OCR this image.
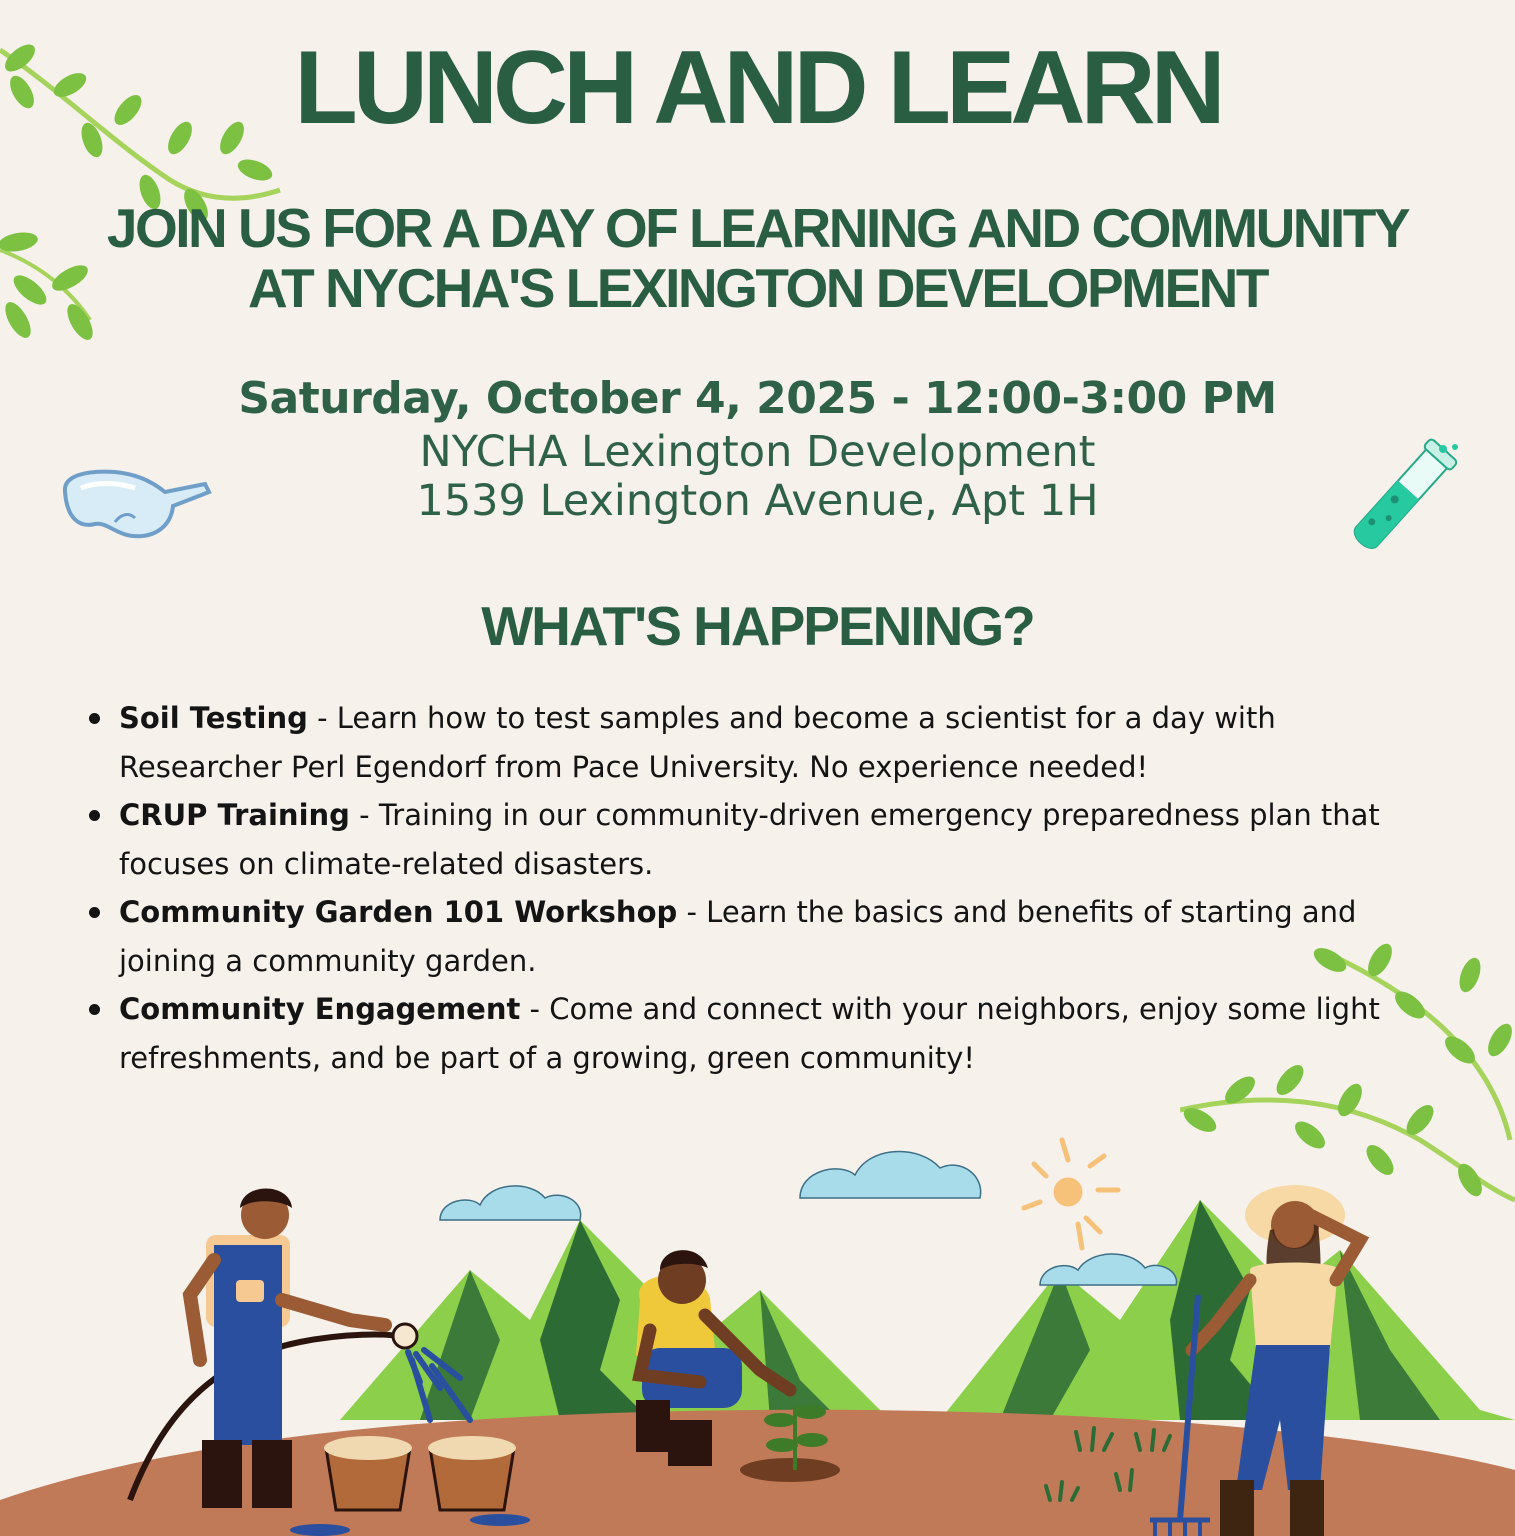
LUNCH AND LEARN
JOIN US FOR A DAY OF LEARNING AND COMMUNITY
AT NYCHA'S LEXINGTON DEVELOPMENT
Saturday, October 4, 2025 - 12:00-3:00 PM
NYCHA Lexington Development
1539 Lexington Avenue, Apt 1H
WHAT'S HAPPENING?
Soil Testing - Learn how to test samples and become a scientist for a day with Researcher Perl Egendorf from Pace University. No experience needed!
CRUP Training - Training in our community-driven emergency preparedness plan that focuses on climate-related disasters.
Community Garden 101 Workshop - Learn the basics and benefits of starting and joining a community garden.
Community Engagement - Come and connect with your neighbors, enjoy some light refreshments, and be part of a growing, green community!
